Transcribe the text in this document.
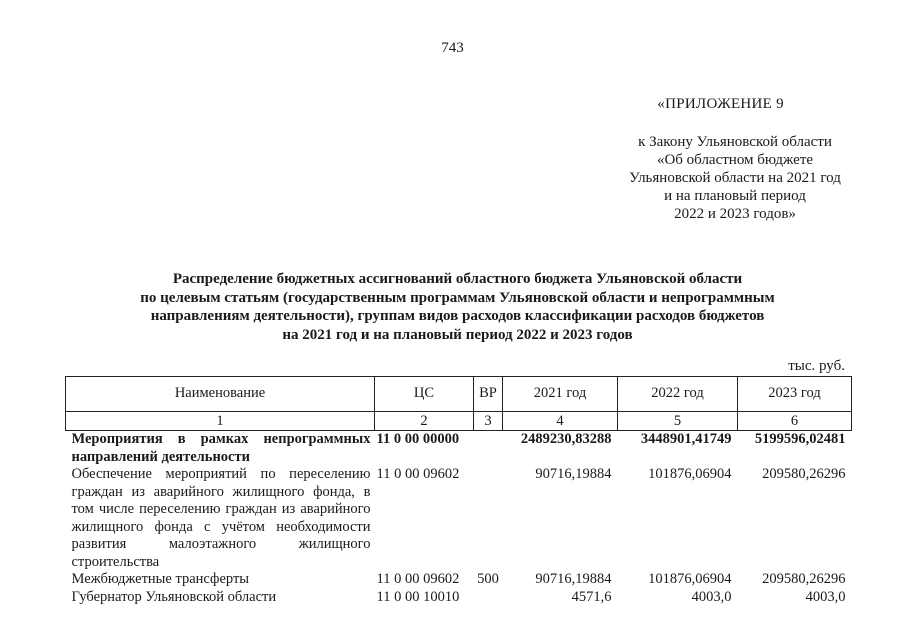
743
«ПРИЛОЖЕНИЕ 9
к Закону Ульяновской области
«Об областном бюджете
Ульяновской области на 2021 год
и на плановый период
2022 и 2023 годов»
Распределение бюджетных ассигнований областного бюджета Ульяновской области
по целевым статьям (государственным программам Ульяновской области и непрограммным
направлениям деятельности), группам видов расходов классификации расходов бюджетов
на 2021 год и на плановый период 2022 и 2023 годов
тыс. руб.
Наименование	ЦС	ВР	2021 год	2022 год	2023 год
1	2	3	4	5	6
Мероприятия в рамках непрограммных направлений деятельности	11 0 00 00000		2489230,83288	3448901,41749	5199596,02481
Обеспечение мероприятий по переселению граждан из аварийного жилищного фонда, в том числе переселению граждан из аварийного жилищного фонда с учётом необходимости развития малоэтажного жилищного строительства	11 0 00 09602		90716,19884	101876,06904	209580,26296
Межбюджетные трансферты	11 0 00 09602	500	90716,19884	101876,06904	209580,26296
Губернатор Ульяновской области	11 0 00 10010		4571,6	4003,0	4003,0
